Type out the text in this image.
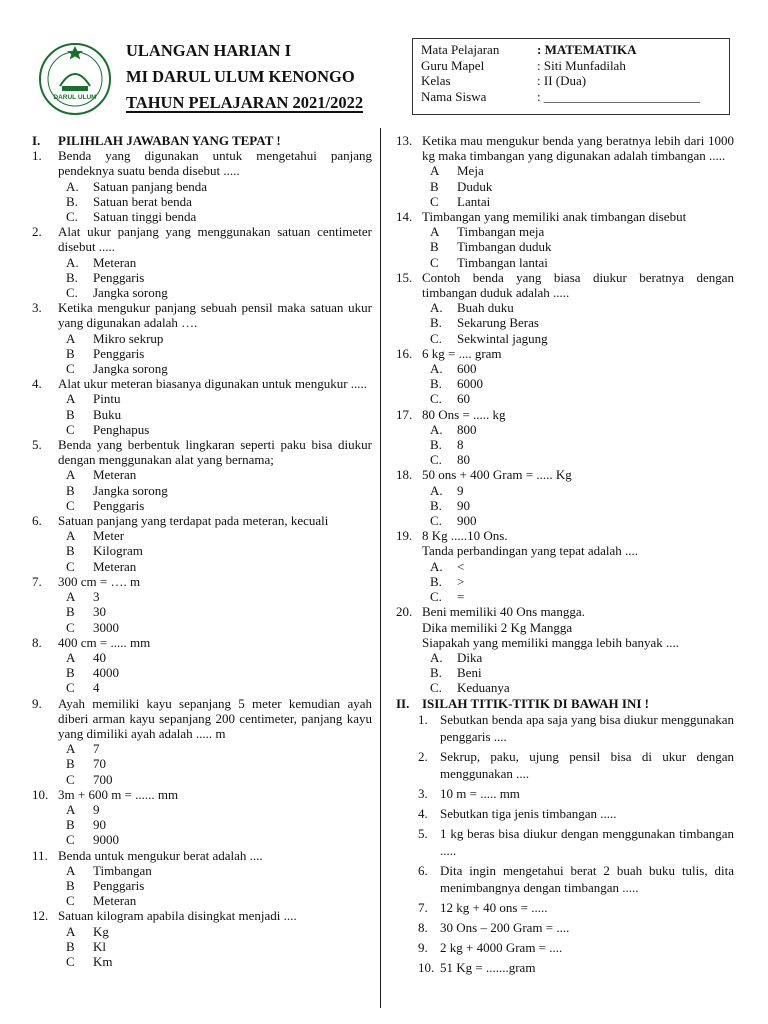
DARUL ULUM
ULANGAN HARIAN I
MI DARUL ULUM KENONGO
TAHUN PELAJARAN 2021/2022
Mata Pelajaran	: MATEMATIKA
Guru Mapel	: Siti Munfadilah
Kelas	: II (Dua)
Nama Siswa	: ________________________
I.	PILIHLAH JAWABAN YANG TEPAT !
1.	Benda yang digunakan untuk mengetahui panjang pendeknya suatu benda disebut .....
A.	Satuan panjang benda
B.	Satuan berat benda
C.	Satuan tinggi benda
2.	Alat ukur panjang yang menggunakan satuan centimeter disebut .....
A.	Meteran
B.	Penggaris
C.	Jangka sorong
3.	Ketika mengukur panjang sebuah pensil maka satuan ukur yang digunakan adalah ….
A	Mikro sekrup
B	Penggaris
C	Jangka sorong
4.	Alat ukur meteran biasanya digunakan untuk mengukur .....
A	Pintu
B	Buku
C	Penghapus
5.	Benda yang berbentuk lingkaran seperti paku bisa diukur dengan menggunakan alat yang bernama;
A	Meteran
B	Jangka sorong
C	Penggaris
6.	Satuan panjang yang terdapat pada meteran, kecuali
A	Meter
B	Kilogram
C	Meteran
7.	300 cm = …. m
A	3
B	30
C	3000
8.	400 cm = ..... mm
A	40
B	4000
C	4
9.	Ayah memiliki kayu sepanjang 5 meter kemudian ayah diberi arman kayu sepanjang 200 centimeter, panjang kayu yang dimiliki ayah adalah ..... m
A	7
B	70
C	700
10. 3m + 600 m = ...... mm
A	9
B	90
C	9000
11. Benda untuk mengukur berat adalah ....
A	Timbangan
B	Penggaris
C	Meteran
12. Satuan kilogram apabila disingkat menjadi ....
A	Kg
B	Kl
C	Km
13. Ketika mau mengukur benda yang beratnya lebih dari 1000 kg maka timbangan yang digunakan adalah timbangan .....
A	Meja
B	Duduk
C	Lantai
14. Timbangan yang memiliki anak timbangan disebut
A	Timbangan meja
B	Timbangan duduk
C	Timbangan lantai
15. Contoh benda yang biasa diukur beratnya dengan timbangan duduk adalah .....
A.	Buah duku
B.	Sekarung Beras
C.	Sekwintal jagung
16. 6 kg = .... gram
A.	600
B.	6000
C.	60
17. 80 Ons = ..... kg
A.	800
B.	8
C.	80
18. 50 ons + 400 Gram = ..... Kg
A.	9
B.	90
C.	900
19. 8 Kg .....10 Ons.
Tanda perbandingan yang tepat adalah ....
A.	<
B.	>
C.	=
20. Beni memiliki 40 Ons mangga.
Dika memiliki 2 Kg Mangga
Siapakah yang memiliki mangga lebih banyak ....
A.	Dika
B.	Beni
C.	Keduanya
II. ISILAH TITIK-TITIK DI BAWAH INI !
1. Sebutkan benda apa saja yang bisa diukur menggunakan penggaris ....
2. Sekrup, paku, ujung pensil bisa di ukur dengan menggunakan ....
3. 10 m = ..... mm
4. Sebutkan tiga jenis timbangan .....
5. 1 kg beras bisa diukur dengan menggunakan timbangan .....
6. Dita ingin mengetahui berat 2 buah buku tulis, dita menimbangnya dengan timbangan .....
7. 12 kg + 40 ons = .....
8. 30 Ons – 200 Gram = ....
9. 2 kg + 4000 Gram = ....
10. 51 Kg = .......gram
